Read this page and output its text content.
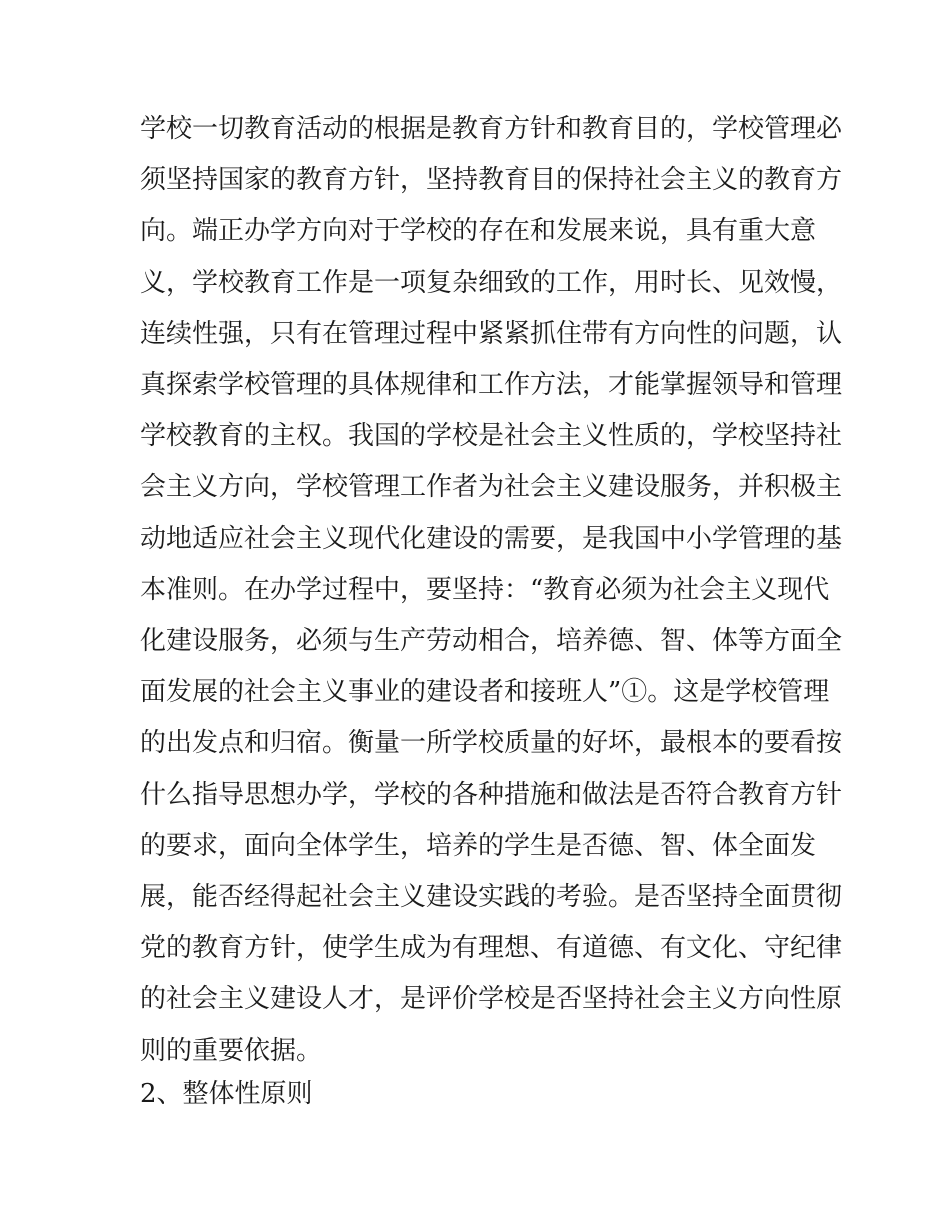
学校一切教育活动的根据是教育方针和教育目的，学校管理必
须坚持国家的教育方针，坚持教育目的保持社会主义的教育方
向。端正办学方向对于学校的存在和发展来说，具有重大意
义，学校教育工作是一项复杂细致的工作，用时长、见效慢，
连续性强，只有在管理过程中紧紧抓住带有方向性的问题，认
真探索学校管理的具体规律和工作方法，才能掌握领导和管理
学校教育的主权。我国的学校是社会主义性质的，学校坚持社
会主义方向，学校管理工作者为社会主义建设服务，并积极主
动地适应社会主义现代化建设的需要，是我国中小学管理的基
本准则。在办学过程中，要坚持：“教育必须为社会主义现代
化建设服务，必须与生产劳动相合，培养德、智、体等方面全
面发展的社会主义事业的建设者和接班人”①。这是学校管理
的出发点和归宿。衡量一所学校质量的好坏，最根本的要看按
什么指导思想办学，学校的各种措施和做法是否符合教育方针
的要求，面向全体学生，培养的学生是否德、智、体全面发
展，能否经得起社会主义建设实践的考验。是否坚持全面贯彻
党的教育方针，使学生成为有理想、有道德、有文化、守纪律
的社会主义建设人才，是评价学校是否坚持社会主义方向性原
则的重要依据。

2、整体性原则
